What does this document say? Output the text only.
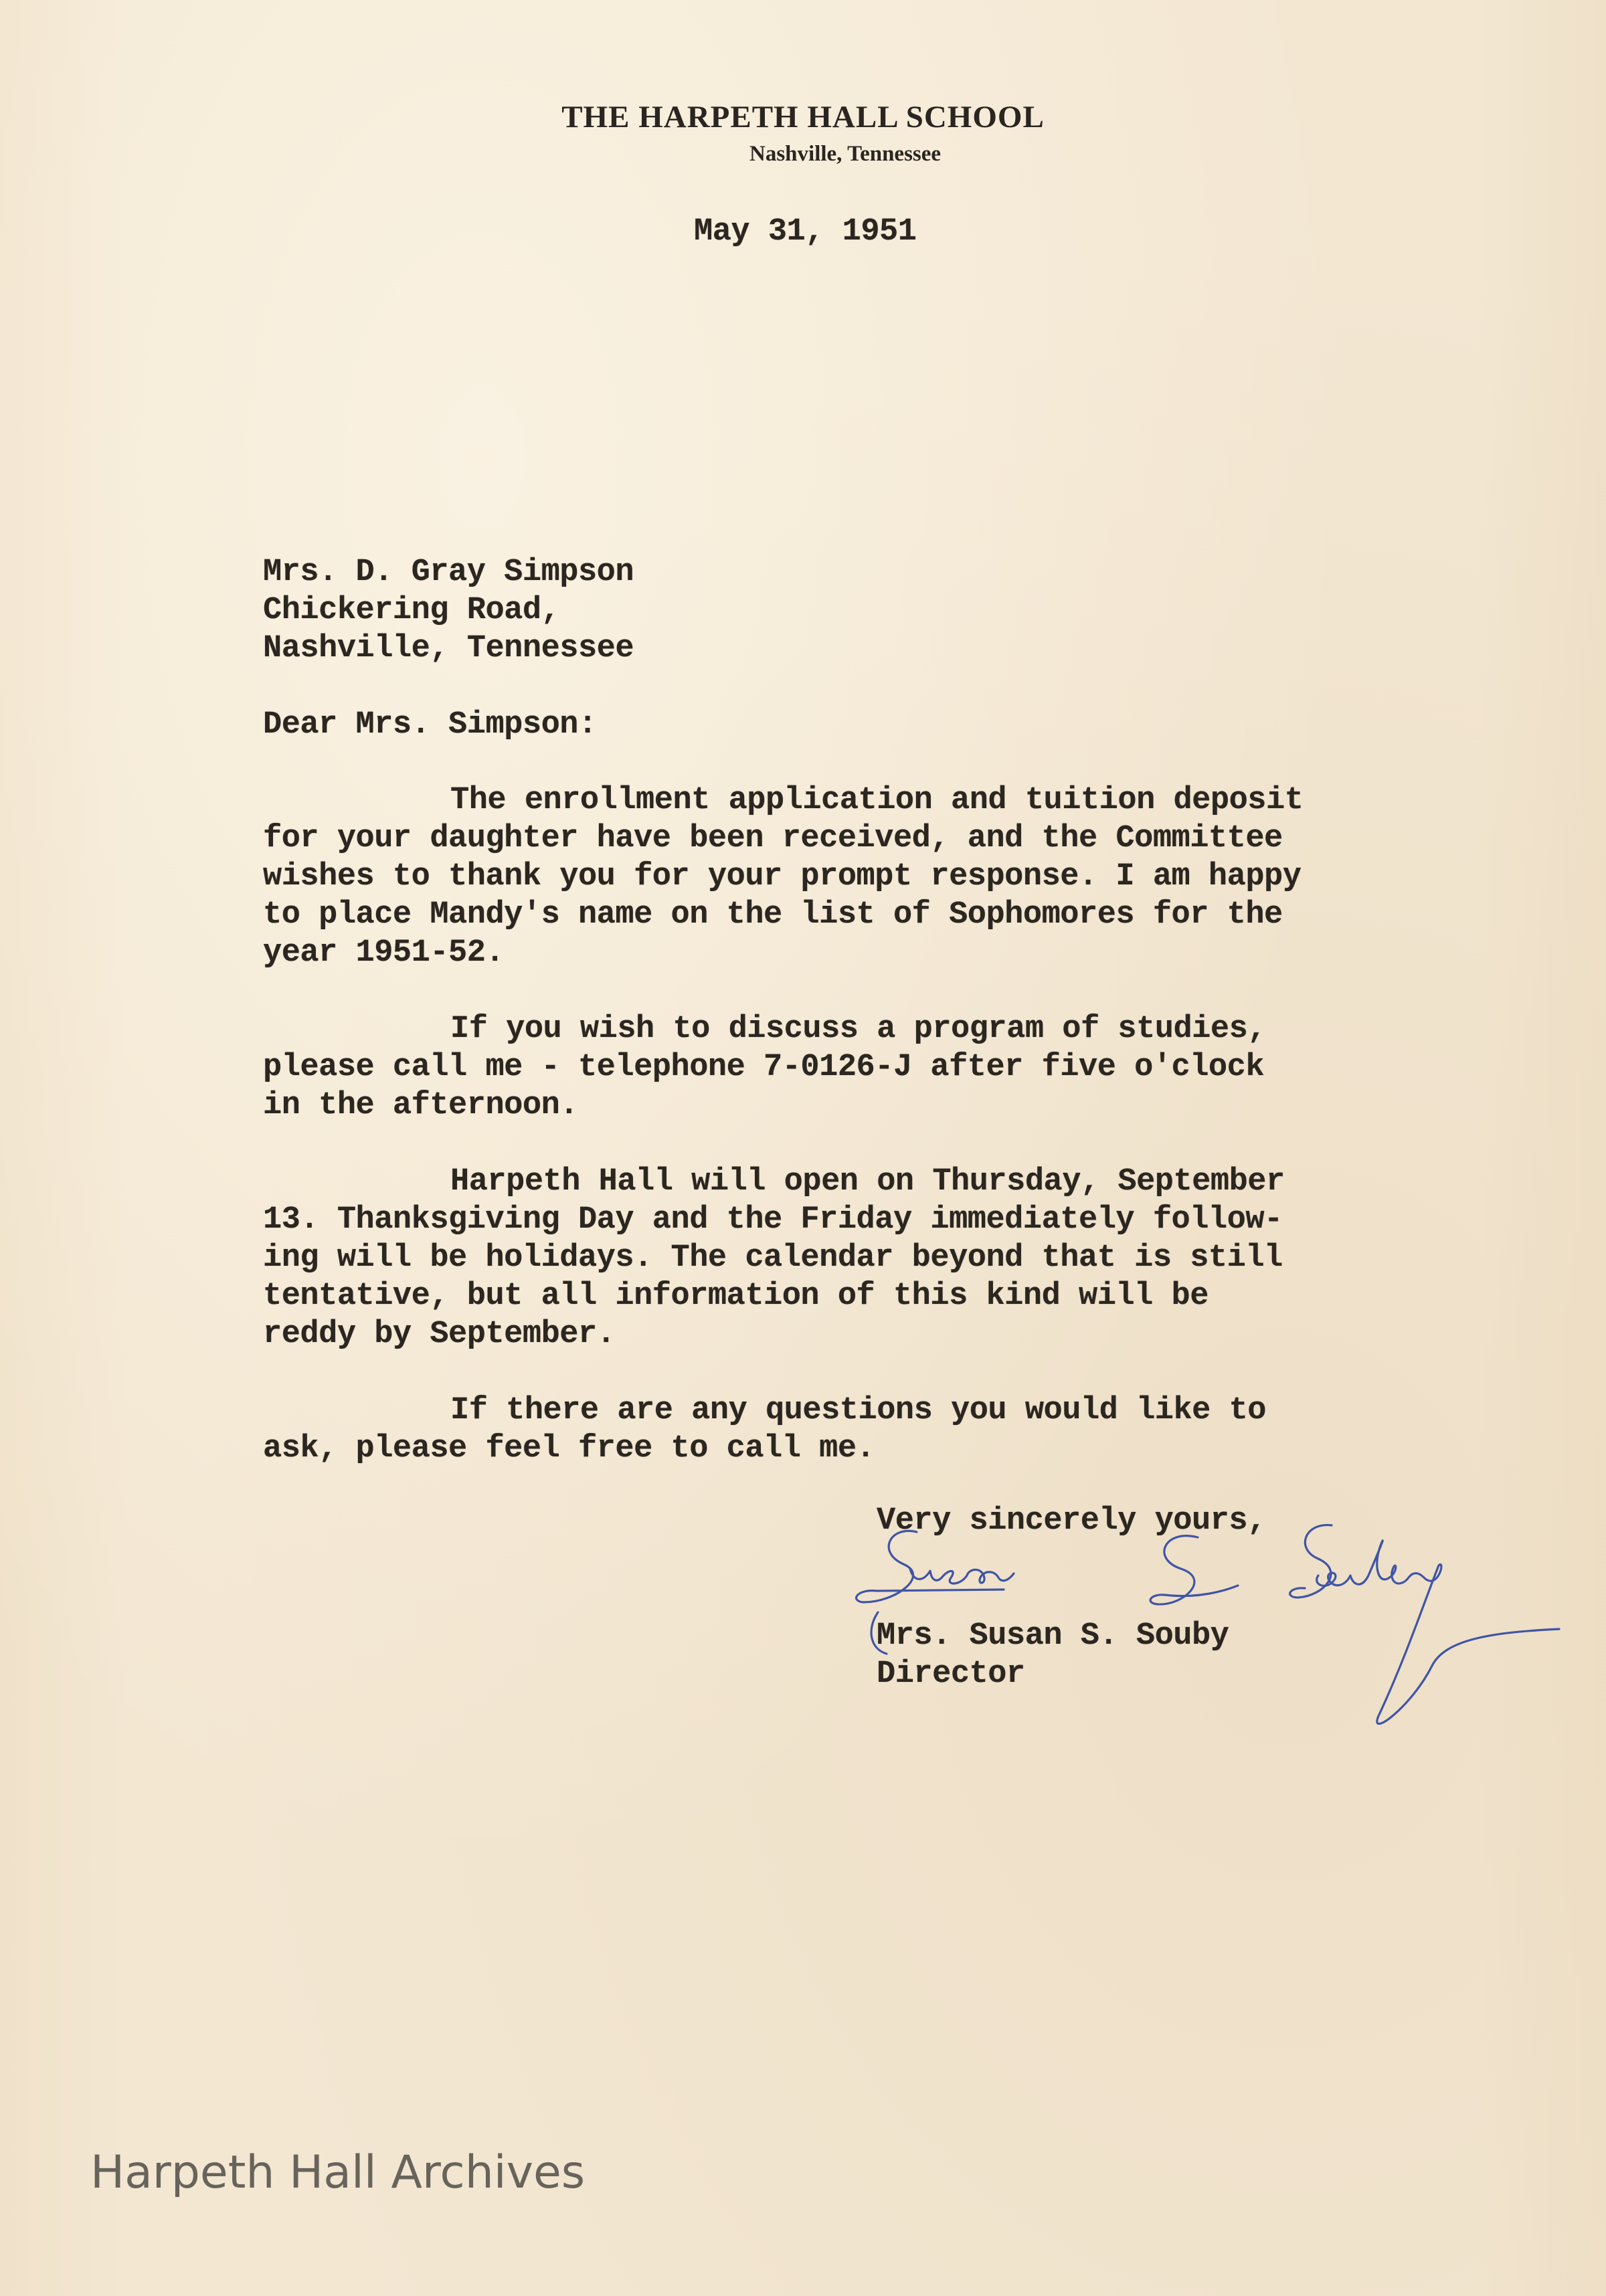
THE HARPETH HALL SCHOOL

Nashville, Tennessee

May 31, 1951

Mrs. D. Gray Simpson

Chickering Road,

Nashville, Tennessee

Dear Mrs. Simpson:

The enrollment application and tuition deposit

for your daughter have been received, and the Committee

wishes to thank you for your prompt response. I am happy

to place Mandy's name on the list of Sophomores for the

year 1951-52.

If you wish to discuss a program of studies,

please call me - telephone 7-0126-J after five o'clock

in the afternoon.

Harpeth Hall will open on Thursday, September

13. Thanksgiving Day and the Friday immediately follow-

ing will be holidays. The calendar beyond that is still

tentative, but all information of this kind will be

reddy by September.

If there are any questions you would like to

ask, please feel free to call me.

Very sincerely yours,

Mrs. Susan S. Souby

Director

Harpeth Hall Archives
